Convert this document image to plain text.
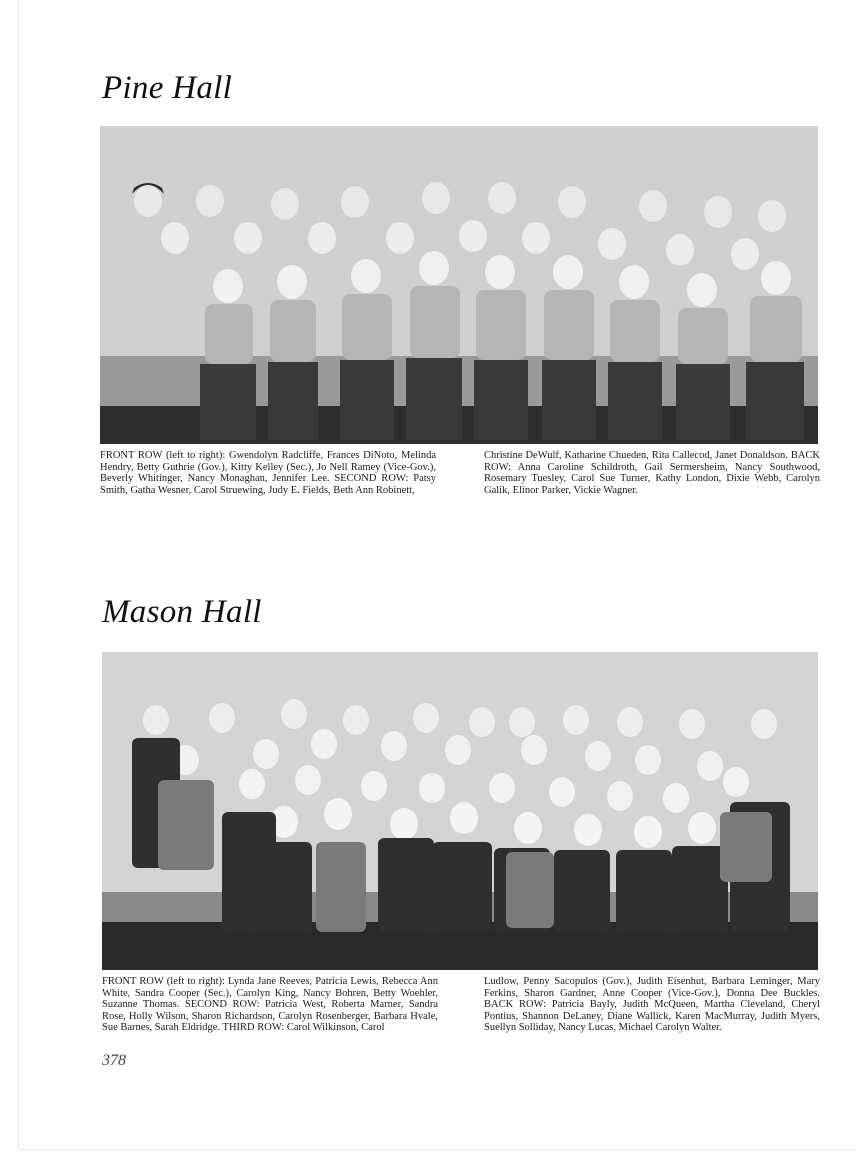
Pine Hall

FRONT ROW (left to right): Gwendolyn Radcliffe, Frances DiNoto, Melinda Hendry, Betty Guthrie (Gov.), Kitty Kelley (Sec.), Jo Nell Ramey (Vice-Gov.), Beverly Whitinger, Nancy Monaghan, Jennifer Lee. SECOND ROW: Patsy Smith, Gatha Wesner, Carol Struewing, Judy E. Fields, Beth Ann Robinett,

Christine DeWulf, Katharine Chueden, Rita Callecod, Janet Donaldson. BACK ROW: Anna Caroline Schildroth, Gail Sermersheim, Nancy Southwood, Rosemary Tuesley, Carol Sue Turner, Kathy London, Dixie Webb, Carolyn Galik, Elinor Parker, Vickie Wagner.

Mason Hall

FRONT ROW (left to right): Lynda Jane Reeves, Patricia Lewis, Rebecca Ann White, Sandra Cooper (Sec.), Carolyn King, Nancy Bohren, Betty Woehler, Suzanne Thomas. SECOND ROW: Patricia West, Roberta Marner, Sandra Rose, Holly Wilson, Sharon Richardson, Carolyn Rosenberger, Barbara Hvale, Sue Barnes, Sarah Eldridge. THIRD ROW: Carol Wilkinson, Carol

Ludlow, Penny Sacopulos (Gov.), Judith Eisenhut, Barbara Leminger, Mary Ferkins, Sharon Gardner, Anne Cooper (Vice-Gov.), Donna Dee Buckles. BACK ROW: Patricia Bayly, Judith McQueen, Martha Cleveland, Cheryl Pontius, Shannon DeLaney, Diane Wallick, Karen MacMurray, Judith Myers, Suellyn Solliday, Nancy Lucas, Michael Carolyn Walter.

378
